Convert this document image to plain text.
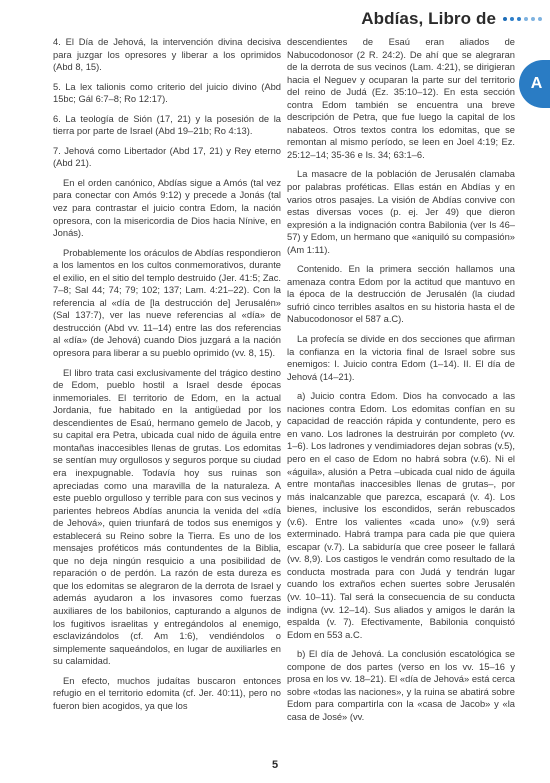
Abdías, Libro de
A

4. El Día de Jehová, la intervención divina decisiva para juzgar los opresores y liberar a los oprimidos (Abd 8, 15).

5. La lex talionis como criterio del juicio divino (Abd 15bc; Gál 6:7–8; Ro 12:17).

6. La teología de Sión (17, 21) y la posesión de la tierra por parte de Israel (Abd 19–21b; Ro 4:13).

7. Jehová como Libertador (Abd 17, 21) y Rey eterno (Abd 21).

En el orden canónico, Abdías sigue a Amós (tal vez para conectar con Amós 9:12) y precede a Jonás (tal vez para contrastar el juicio contra Edom, la nación opresora, con la misericordia de Dios hacia Nínive, en Jonás).

Probablemente los oráculos de Abdías respondieron a los lamentos en los cultos conmemorativos, durante el exilio, en el sitio del templo destruido (Jer. 41:5; Zac. 7–8; Sal 44; 74; 79; 102; 137; Lam. 4:21–22). Con la referencia al «día de [la destrucción de] Jerusalén» (Sal 137:7), ver las nueve referencias al «día» de destrucción (Abd vv. 11–14) entre las dos referencias al «día» (de Jehová) cuando Dios juzgará a la nación opresora para liberar a su pueblo oprimido (vv. 8, 15).

El libro trata casi exclusivamente del trágico destino de Edom, pueblo hostil a Israel desde épocas inmemoriales. El territorio de Edom, en la actual Jordania, fue habitado en la antigüedad por los descendientes de Esaú, hermano gemelo de Jacob, y su capital era Petra, ubicada cual nido de águila entre montañas inaccesibles llenas de grutas. Los edomitas se sentían muy orgullosos y seguros porque su ciudad era inexpugnable. Todavía hoy sus ruinas son apreciadas como una maravilla de la naturaleza. A este pueblo orgulloso y terrible para con sus vecinos y parientes hebreos Abdías anuncia la venida del «día de Jehová», quien triunfará de todos sus enemigos y establecerá su Reino sobre la Tierra. Es uno de los mensajes proféticos más contundentes de la Biblia, que no deja ningún resquicio a una posibilidad de reparación o de perdón. La razón de esta dureza es que los edomitas se alegraron de la derrota de Israel y además ayudaron a los invasores como fuerzas auxiliares de los babilonios, capturando a algunos de los fugitivos israelitas y entregándolos al enemigo, esclavizándolos (cf. Am 1:6), vendiéndolos o simplemente saqueándolos, en lugar de auxiliarles en su calamidad.

En efecto, muchos judaítas buscaron entonces refugio en el territorio edomita (cf. Jer. 40:11), pero no fueron bien acogidos, ya que los

descendientes de Esaú eran aliados de Nabucodonosor (2 R. 24:2). De ahí que se alegraran de la derrota de sus vecinos (Lam. 4:21), se dirigieran hacia el Neguev y ocuparan la parte sur del territorio del reino de Judá (Ez. 35:10–12). En esta sección contra Edom también se encuentra una breve descripción de Petra, que fue luego la capital de los nabateos. Otros textos contra los edomitas, que se remontan al mismo período, se leen en Joel 4:19; Ez. 25:12–14; 35-36 e Is. 34; 63:1–6.

La masacre de la población de Jerusalén clamaba por palabras proféticas. Ellas están en Abdías y en varios otros pasajes. La visión de Abdías convive con estas diversas voces (p. ej. Jer 49) que dieron expresión a la indignación contra Babilonia (ver Is 46–57) y Edom, un hermano que «aniquiló su compasión» (Am 1:11).

Contenido. En la primera sección hallamos una amenaza contra Edom por la actitud que mantuvo en la época de la destrucción de Jerusalén (la ciudad sufrió cinco terribles asaltos en su historia hasta el de Nabucodonosor el 587 a.C).

La profecía se divide en dos secciones que afirman la confianza en la victoria final de Israel sobre sus enemigos: I. Juicio contra Edom (1–14). II. El día de Jehová (14–21).

a) Juicio contra Edom. Dios ha convocado a las naciones contra Edom. Los edomitas confían en su capacidad de reacción rápida y contundente, pero es en vano. Los ladrones la destruirán por completo (vv. 1–6). Los ladrones y vendimiadores dejan sobras (v.5), pero en el caso de Edom no habrá sobra (v.6). Ni el «águila», alusión a Petra –ubicada cual nido de águila entre montañas inaccesibles llenas de grutas–, por más inalcanzable que parezca, escapará (v. 4). Los bienes, inclusive los escondidos, serán rebuscados (v.6). Entre los valientes «cada uno» (v.9) será exterminado. Habrá trampa para cada pie que quiera escapar (v.7). La sabiduría que cree poseer le fallará (vv. 8,9). Los castigos le vendrán como resultado de la conducta mostrada para con Judá y tendrán lugar cuando los extraños echen suertes sobre Jerusalén (vv. 10–11). Tal será la consecuencia de su conducta indigna (vv. 12–14). Sus aliados y amigos le darán la espalda (v. 7). Efectivamente, Babilonia conquistó Edom en 553 a.C.

b) El día de Jehová. La conclusión escatológica se compone de dos partes (verso en los vv. 15–16 y prosa en los vv. 18–21). El «día de Jehová» está cerca sobre «todas las naciones», y la ruina se abatirá sobre Edom para compartirla con la «casa de Jacob» y «la casa de José» (vv.

5
